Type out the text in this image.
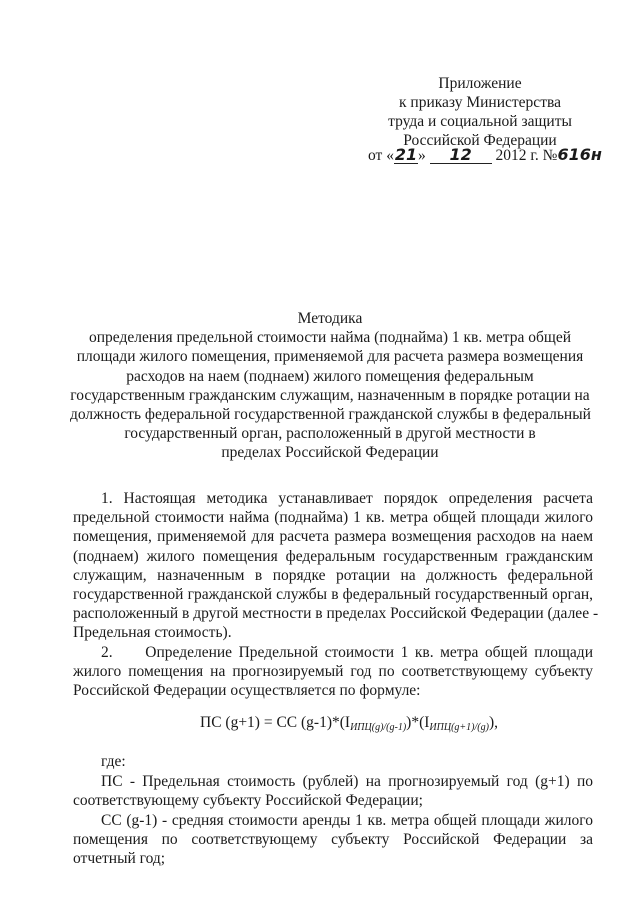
Приложение
к приказу Министерства
труда и социальной защиты
Российской Федерации
от «21» 12 2012 г. №616н
Методика
определения предельной стоимости найма (поднайма) 1 кв. метра общей
площади жилого помещения, применяемой для расчета размера возмещения
расходов на наем (поднаем) жилого помещения федеральным
государственным гражданским служащим, назначенным в порядке ротации на
должность федеральной государственной гражданской службы в федеральный
государственный орган, расположенный в другой местности в
пределах Российской Федерации
1. Настоящая методика устанавливает порядок определения расчета
предельной стоимости найма (поднайма) 1 кв. метра общей площади жилого
помещения, применяемой для расчета размера возмещения расходов на наем
(поднаем) жилого помещения федеральным государственным гражданским
служащим, назначенным в порядке ротации на должность федеральной
государственной гражданской службы в федеральный государственный орган,
расположенный в другой местности в пределах Российской Федерации (далее -
Предельная стоимость).
2.     Определение Предельной стоимости 1 кв. метра общей площади
жилого помещения на прогнозируемый год по соответствующему субъекту
Российской Федерации осуществляется по формуле:
ПС (g+1) = СС $(g-1)*(I_{ИПЦ(g)/(g-1)})*(I_{ИПЦ(g+1)/(g)})$,
где:
ПС - Предельная стоимость (рублей) на прогнозируемый год (g+1) по
соответствующему субъекту Российской Федерации;
СС (g-1) - средняя стоимости аренды 1 кв. метра общей площади жилого
помещения по соответствующему субъекту Российской Федерации за
отчетный год;
